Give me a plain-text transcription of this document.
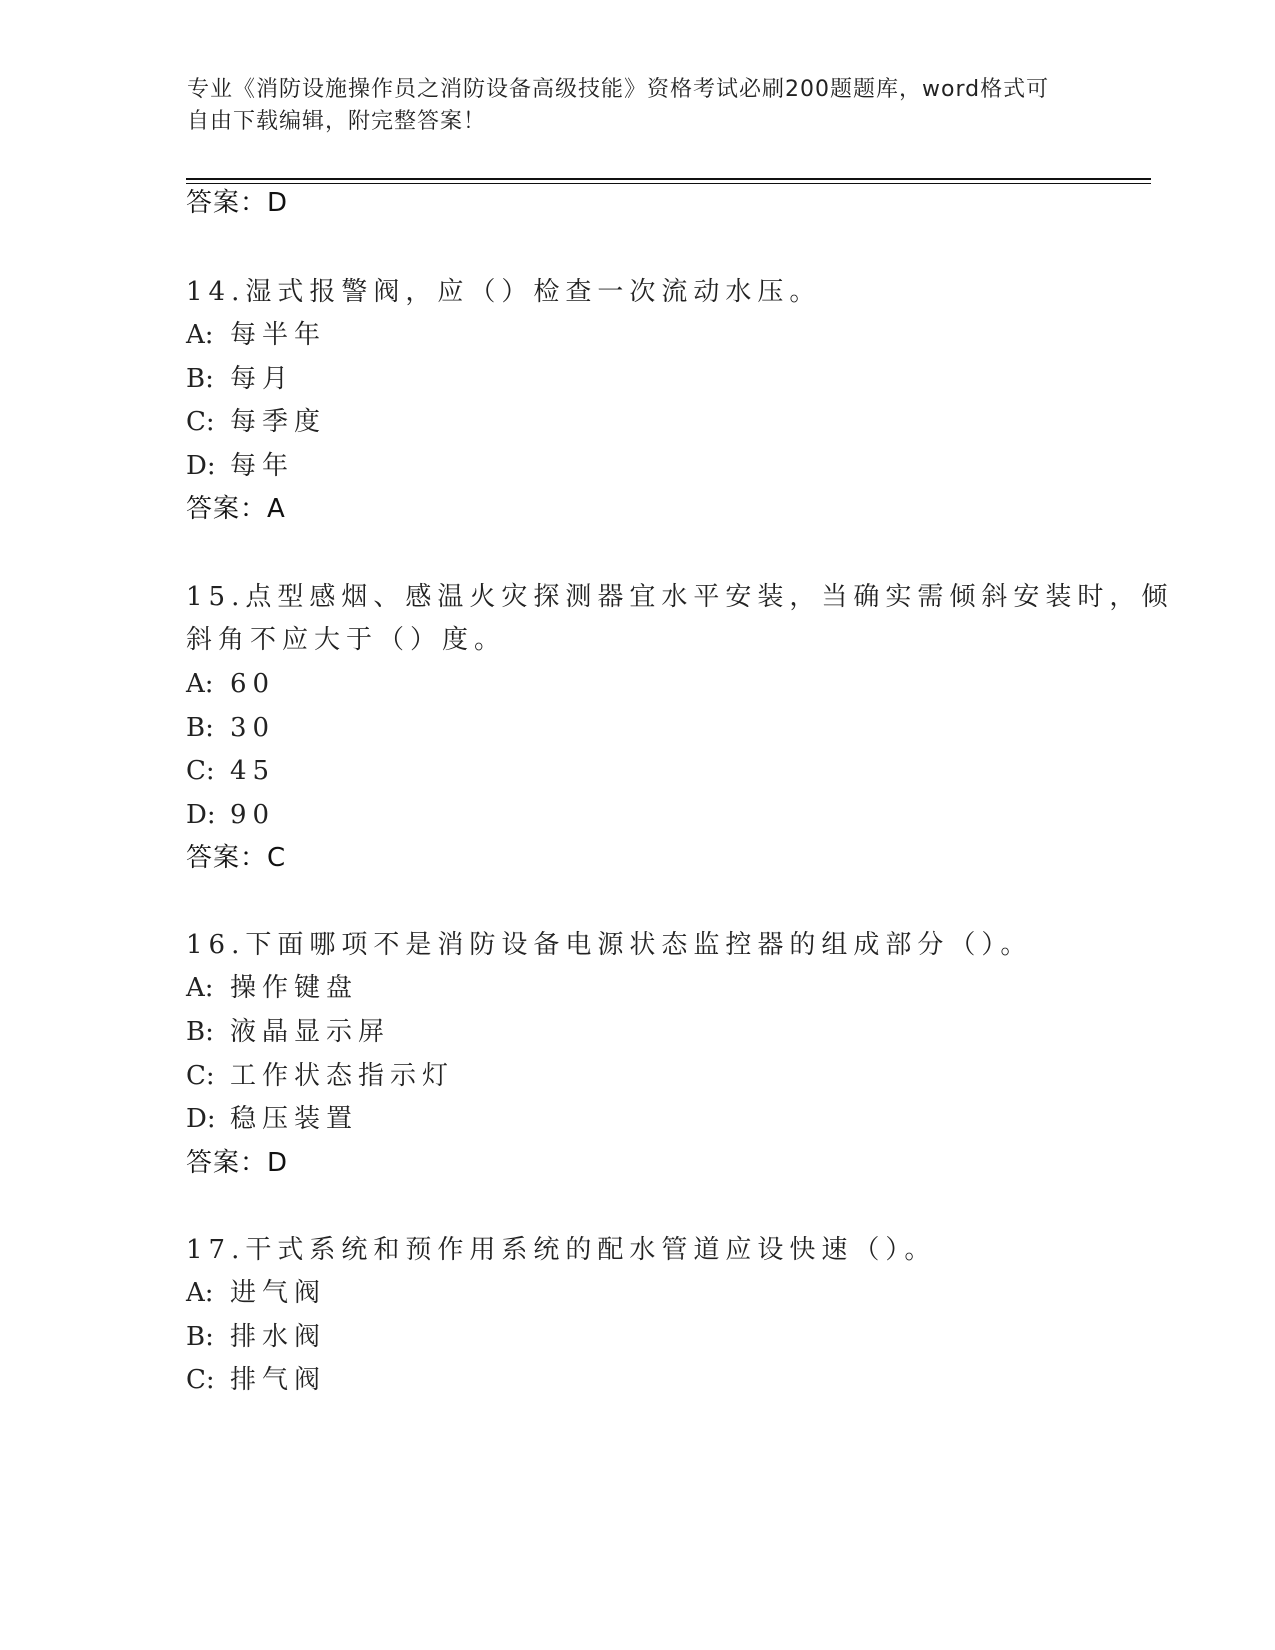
专业《消防设施操作员之消防设备高级技能》资格考试必刷200题题库，word格式可自由下载编辑，附完整答案！
答案：D
14.湿式报警阀，应（）检查一次流动水压。
A: 每半年
B: 每月
C: 每季度
D: 每年
答案：A
15.点型感烟、感温火灾探测器宜水平安装，当确实需倾斜安装时，倾
斜角不应大于（）度。
A: 60
B: 30
C: 45
D: 90
答案：C
16.下面哪项不是消防设备电源状态监控器的组成部分（）。
A: 操作键盘
B: 液晶显示屏
C: 工作状态指示灯
D: 稳压装置
答案：D
17.干式系统和预作用系统的配水管道应设快速（）。
A: 进气阀
B: 排水阀
C: 排气阀
